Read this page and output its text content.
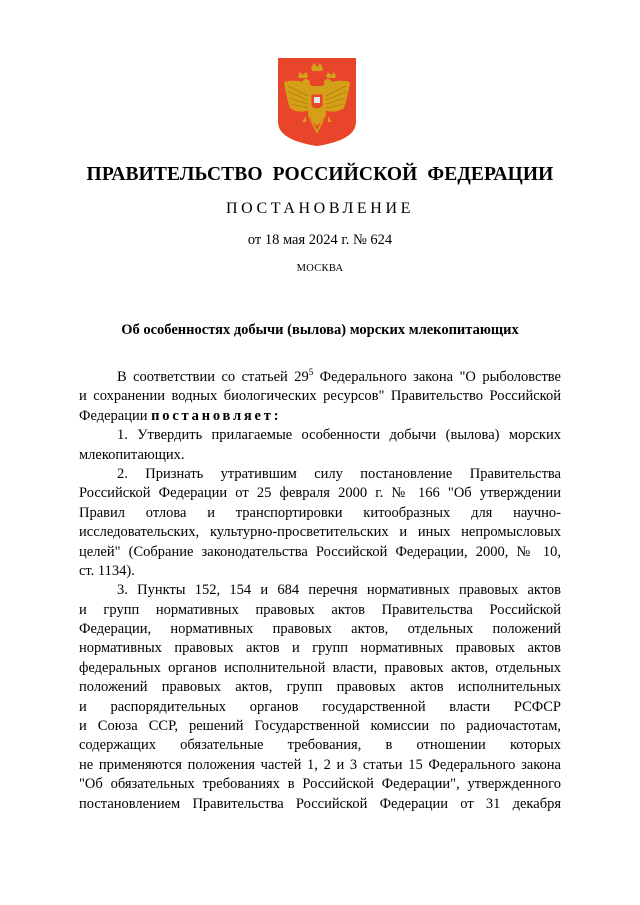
ПРАВИТЕЛЬСТВО РОССИЙСКОЙ ФЕДЕРАЦИИ
ПОСТАНОВЛЕНИЕ
от 18 мая 2024 г. № 624
МОСКВА
Об особенностях добычи (вылова) морских млекопитающих
В соответствии со статьей $29^5$ Федерального закона "О рыболовстве
и сохранении водных биологических ресурсов" Правительство Российской
Федерации постановляет:
1. Утвердить прилагаемые особенности добычи (вылова) морских
млекопитающих.
2. Признать утратившим силу постановление Правительства
Российской Федерации от 25 февраля 2000 г. № 166 "Об утверждении
Правил отлова и транспортировки китообразных для научно-
исследовательских, культурно-просветительских и иных непромысловых
целей" (Собрание законодательства Российской Федерации, 2000, № 10,
ст. 1134).
3. Пункты 152, 154 и 684 перечня нормативных правовых актов
и групп нормативных правовых актов Правительства Российской
Федерации, нормативных правовых актов, отдельных положений
нормативных правовых актов и групп нормативных правовых актов
федеральных органов исполнительной власти, правовых актов, отдельных
положений правовых актов, групп правовых актов исполнительных
и распорядительных органов государственной власти РСФСР
и Союза ССР, решений Государственной комиссии по радиочастотам,
содержащих обязательные требования, в отношении которых
не применяются положения частей 1, 2 и 3 статьи 15 Федерального закона
"Об обязательных требованиях в Российской Федерации", утвержденного
постановлением Правительства Российской Федерации от 31 декабря
